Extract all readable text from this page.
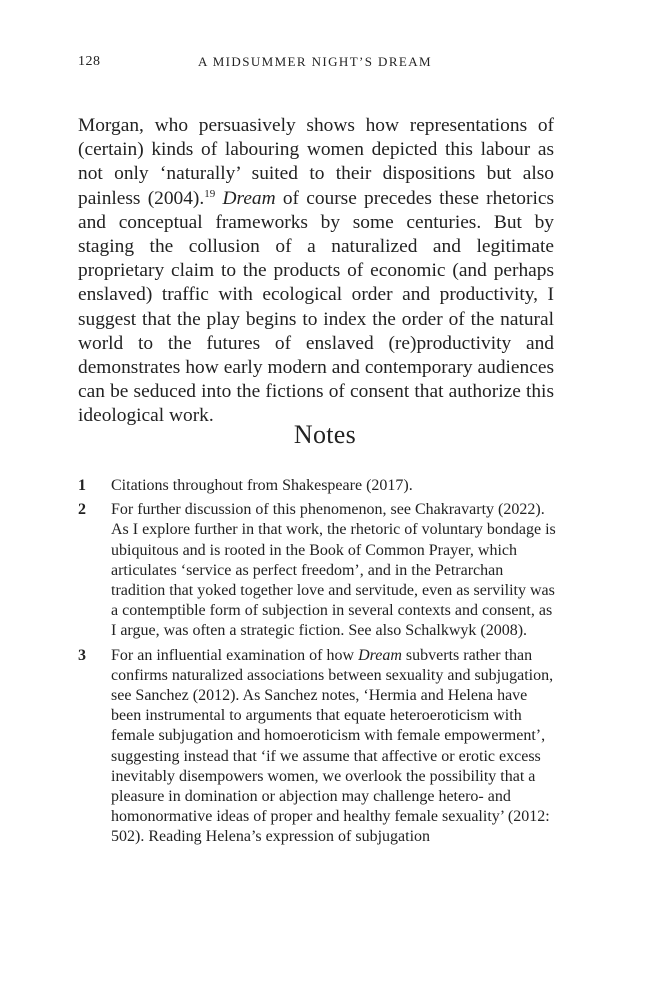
128	A MIDSUMMER NIGHT’S DREAM

Morgan, who persuasively shows how representations of (certain) kinds of labouring women depicted this labour as not only ‘naturally’ suited to their dispositions but also painless (2004).$^{19}$ Dream of course precedes these rhetorics and conceptual frameworks by some centuries. But by staging the collusion of a naturalized and legitimate proprietary claim to the products of economic (and perhaps enslaved) traffic with ecological order and productivity, I suggest that the play begins to index the order of the natural world to the futures of enslaved (re)productivity and demonstrates how early modern and contemporary audiences can be seduced into the fictions of consent that authorize this ideological work.

Notes
1 Citations throughout from Shakespeare (2017).
2 For further discussion of this phenomenon, see Chakravarty (2022). As I explore further in that work, the rhetoric of voluntary bondage is ubiquitous and is rooted in the Book of Common Prayer, which articulates ‘service as perfect freedom’, and in the Petrarchan tradition that yoked together love and servitude, even as servility was a contemptible form of subjection in several contexts and consent, as I argue, was often a strategic fiction. See also Schalkwyk (2008).
3 For an influential examination of how Dream subverts rather than confirms naturalized associations between sexuality and subjugation, see Sanchez (2012). As Sanchez notes, ‘Hermia and Helena have been instrumental to arguments that equate heteroeroticism with female subjugation and homoeroticism with female empowerment’, suggesting instead that ‘if we assume that affective or erotic excess inevitably disempowers women, we overlook the possibility that a pleasure in domination or abjection may challenge hetero- and homonormative ideas of proper and healthy female sexuality’ (2012: 502). Reading Helena’s expression of subjugation
